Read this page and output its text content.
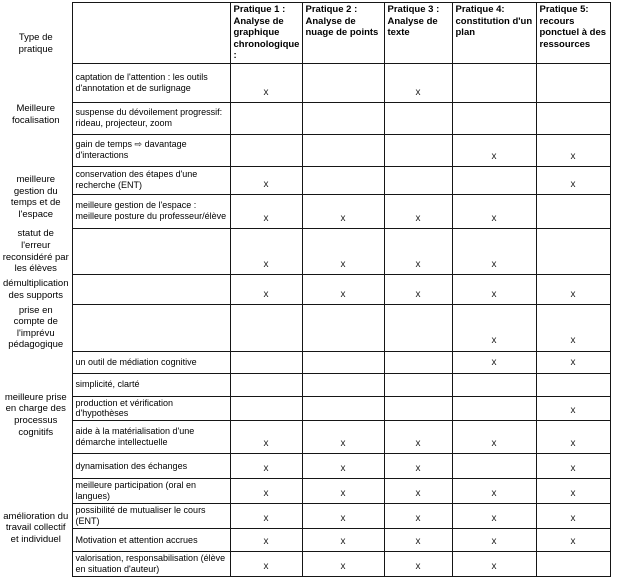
Type de pratique		Pratique 1 : Analyse de graphique chronologique :	Pratique 2 : Analyse de nuage de points	Pratique 3 : Analyse de texte	Pratique 4: constitution d'un plan	Pratique 5: recours ponctuel à des ressources
Meilleure focalisation	captation de l'attention : les outils d'annotation et de surlignage	x		x		
	suspense du dévoilement progressif: rideau, projecteur, zoom					
	gain de temps ⇨ davantage d'interactions				x	x
meilleure gestion du temps et de l'espace	conservation des étapes d'une recherche (ENT)	x				x
	meilleure gestion de l'espace : meilleure posture du professeur/élève	x	x	x	x	
statut de l'erreur reconsidéré par les élèves		x	x	x	x	
démultiplication des supports		x	x	x	x	x
prise en compte de l'imprévu pédagogique					x	x
meilleure prise en charge des processus cognitifs	un outil de médiation cognitive				x	x
	simplicité, clarté					
	production et vérification d'hypothèses					x
	aide à la matérialisation d'une démarche intellectuelle	x	x	x	x	x
	dynamisation des échanges	x	x	x		x
amélioration du travail collectif et individuel	meilleure participation (oral en langues)	x	x	x	x	x
	possibilité de mutualiser le cours (ENT)	x	x	x	x	x
	Motivation et attention accrues	x	x	x	x	x
	valorisation, responsabilisation (élève en situation d'auteur)	x	x	x	x	
